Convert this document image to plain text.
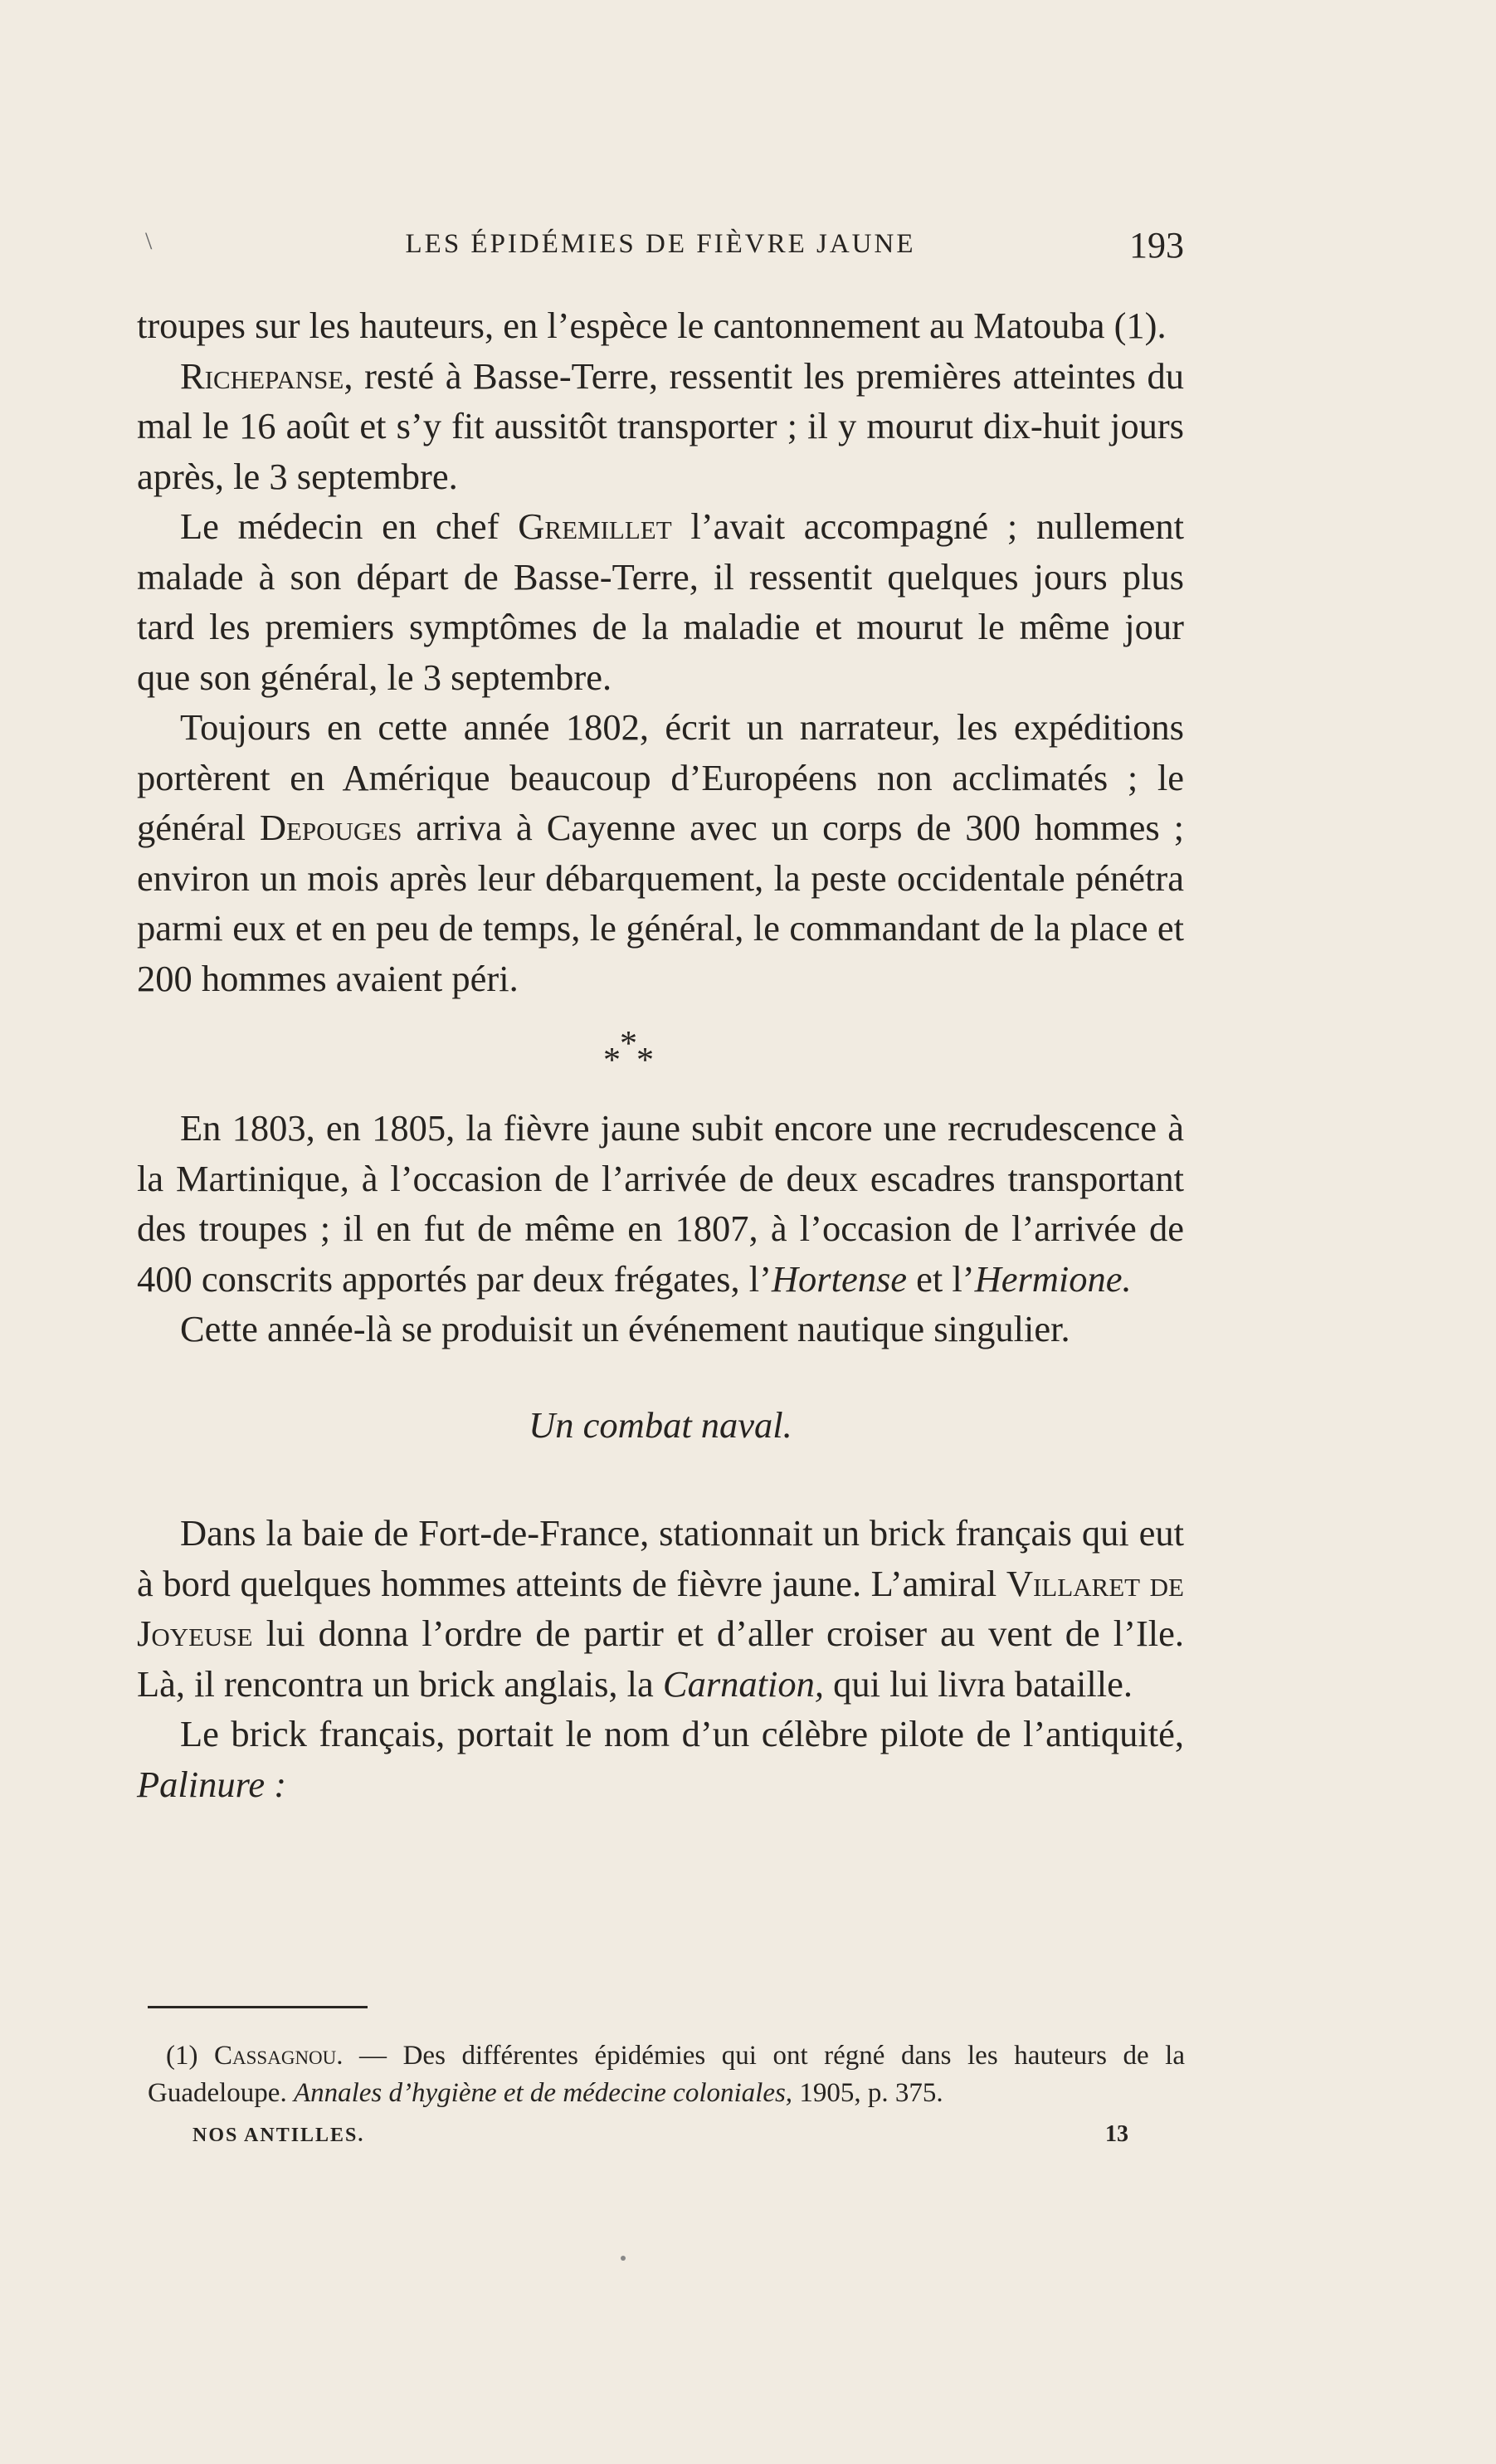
\	LES ÉPIDÉMIES DE FIÈVRE JAUNE	193

troupes sur les hauteurs, en l’espèce le cantonnement au Matouba (1).

Richepanse, resté à Basse-Terre, ressentit les premières atteintes du mal le 16 août et s’y fit aussitôt transporter ; il y mourut dix-huit jours après, le 3 septembre.

Le médecin en chef Gremillet l’avait accompagné ; nullement malade à son départ de Basse-Terre, il ressentit quelques jours plus tard les premiers symptômes de la maladie et mourut le même jour que son général, le 3 septembre.

Toujours en cette année 1802, écrit un narrateur, les expéditions portèrent en Amérique beaucoup d’Européens non acclimatés ; le général Depouges arriva à Cayenne avec un corps de 300 hommes ; environ un mois après leur débarquement, la peste occidentale pénétra parmi eux et en peu de temps, le général, le commandant de la place et 200 hommes avaient péri.

*
* *

En 1803, en 1805, la fièvre jaune subit encore une recrudescence à la Martinique, à l’occasion de l’arrivée de deux escadres transportant des troupes ; il en fut de même en 1807, à l’occasion de l’arrivée de 400 conscrits apportés par deux frégates, l’Hortense et l’Hermione.

Cette année-là se produisit un événement nautique singulier.

Un combat naval.

Dans la baie de Fort-de-France, stationnait un brick français qui eut à bord quelques hommes atteints de fièvre jaune. L’amiral Villaret de Joyeuse lui donna l’ordre de partir et d’aller croiser au vent de l’Ile. Là, il rencontra un brick anglais, la Carnation, qui lui livra bataille.

Le brick français, portait le nom d’un célèbre pilote de l’antiquité, Palinure :

(1) Cassagnou. — Des différentes épidémies qui ont régné dans les hauteurs de la Guadeloupe. Annales d’hygiène et de médecine coloniales, 1905, p. 375.
NOS ANTILLES.	13
